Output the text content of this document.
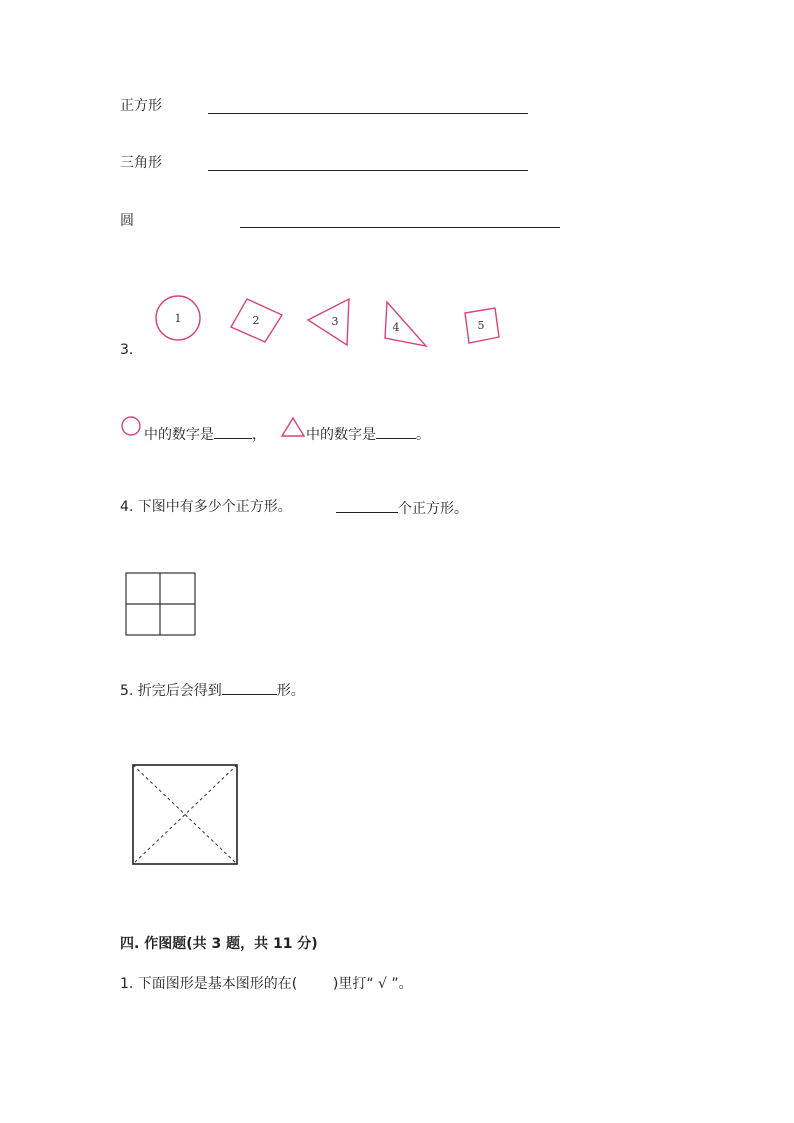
正方形
三角形
圆
3.
1	2	3	4	5
中的数字是	，	中的数字是	。
4. 下图中有多少个正方形。	个正方形。
5. 折完后会得到	形。
四. 作图题(共 3 题，共 11 分)
1. 下面图形是基本图形的在(        )里打“ √ ”。
